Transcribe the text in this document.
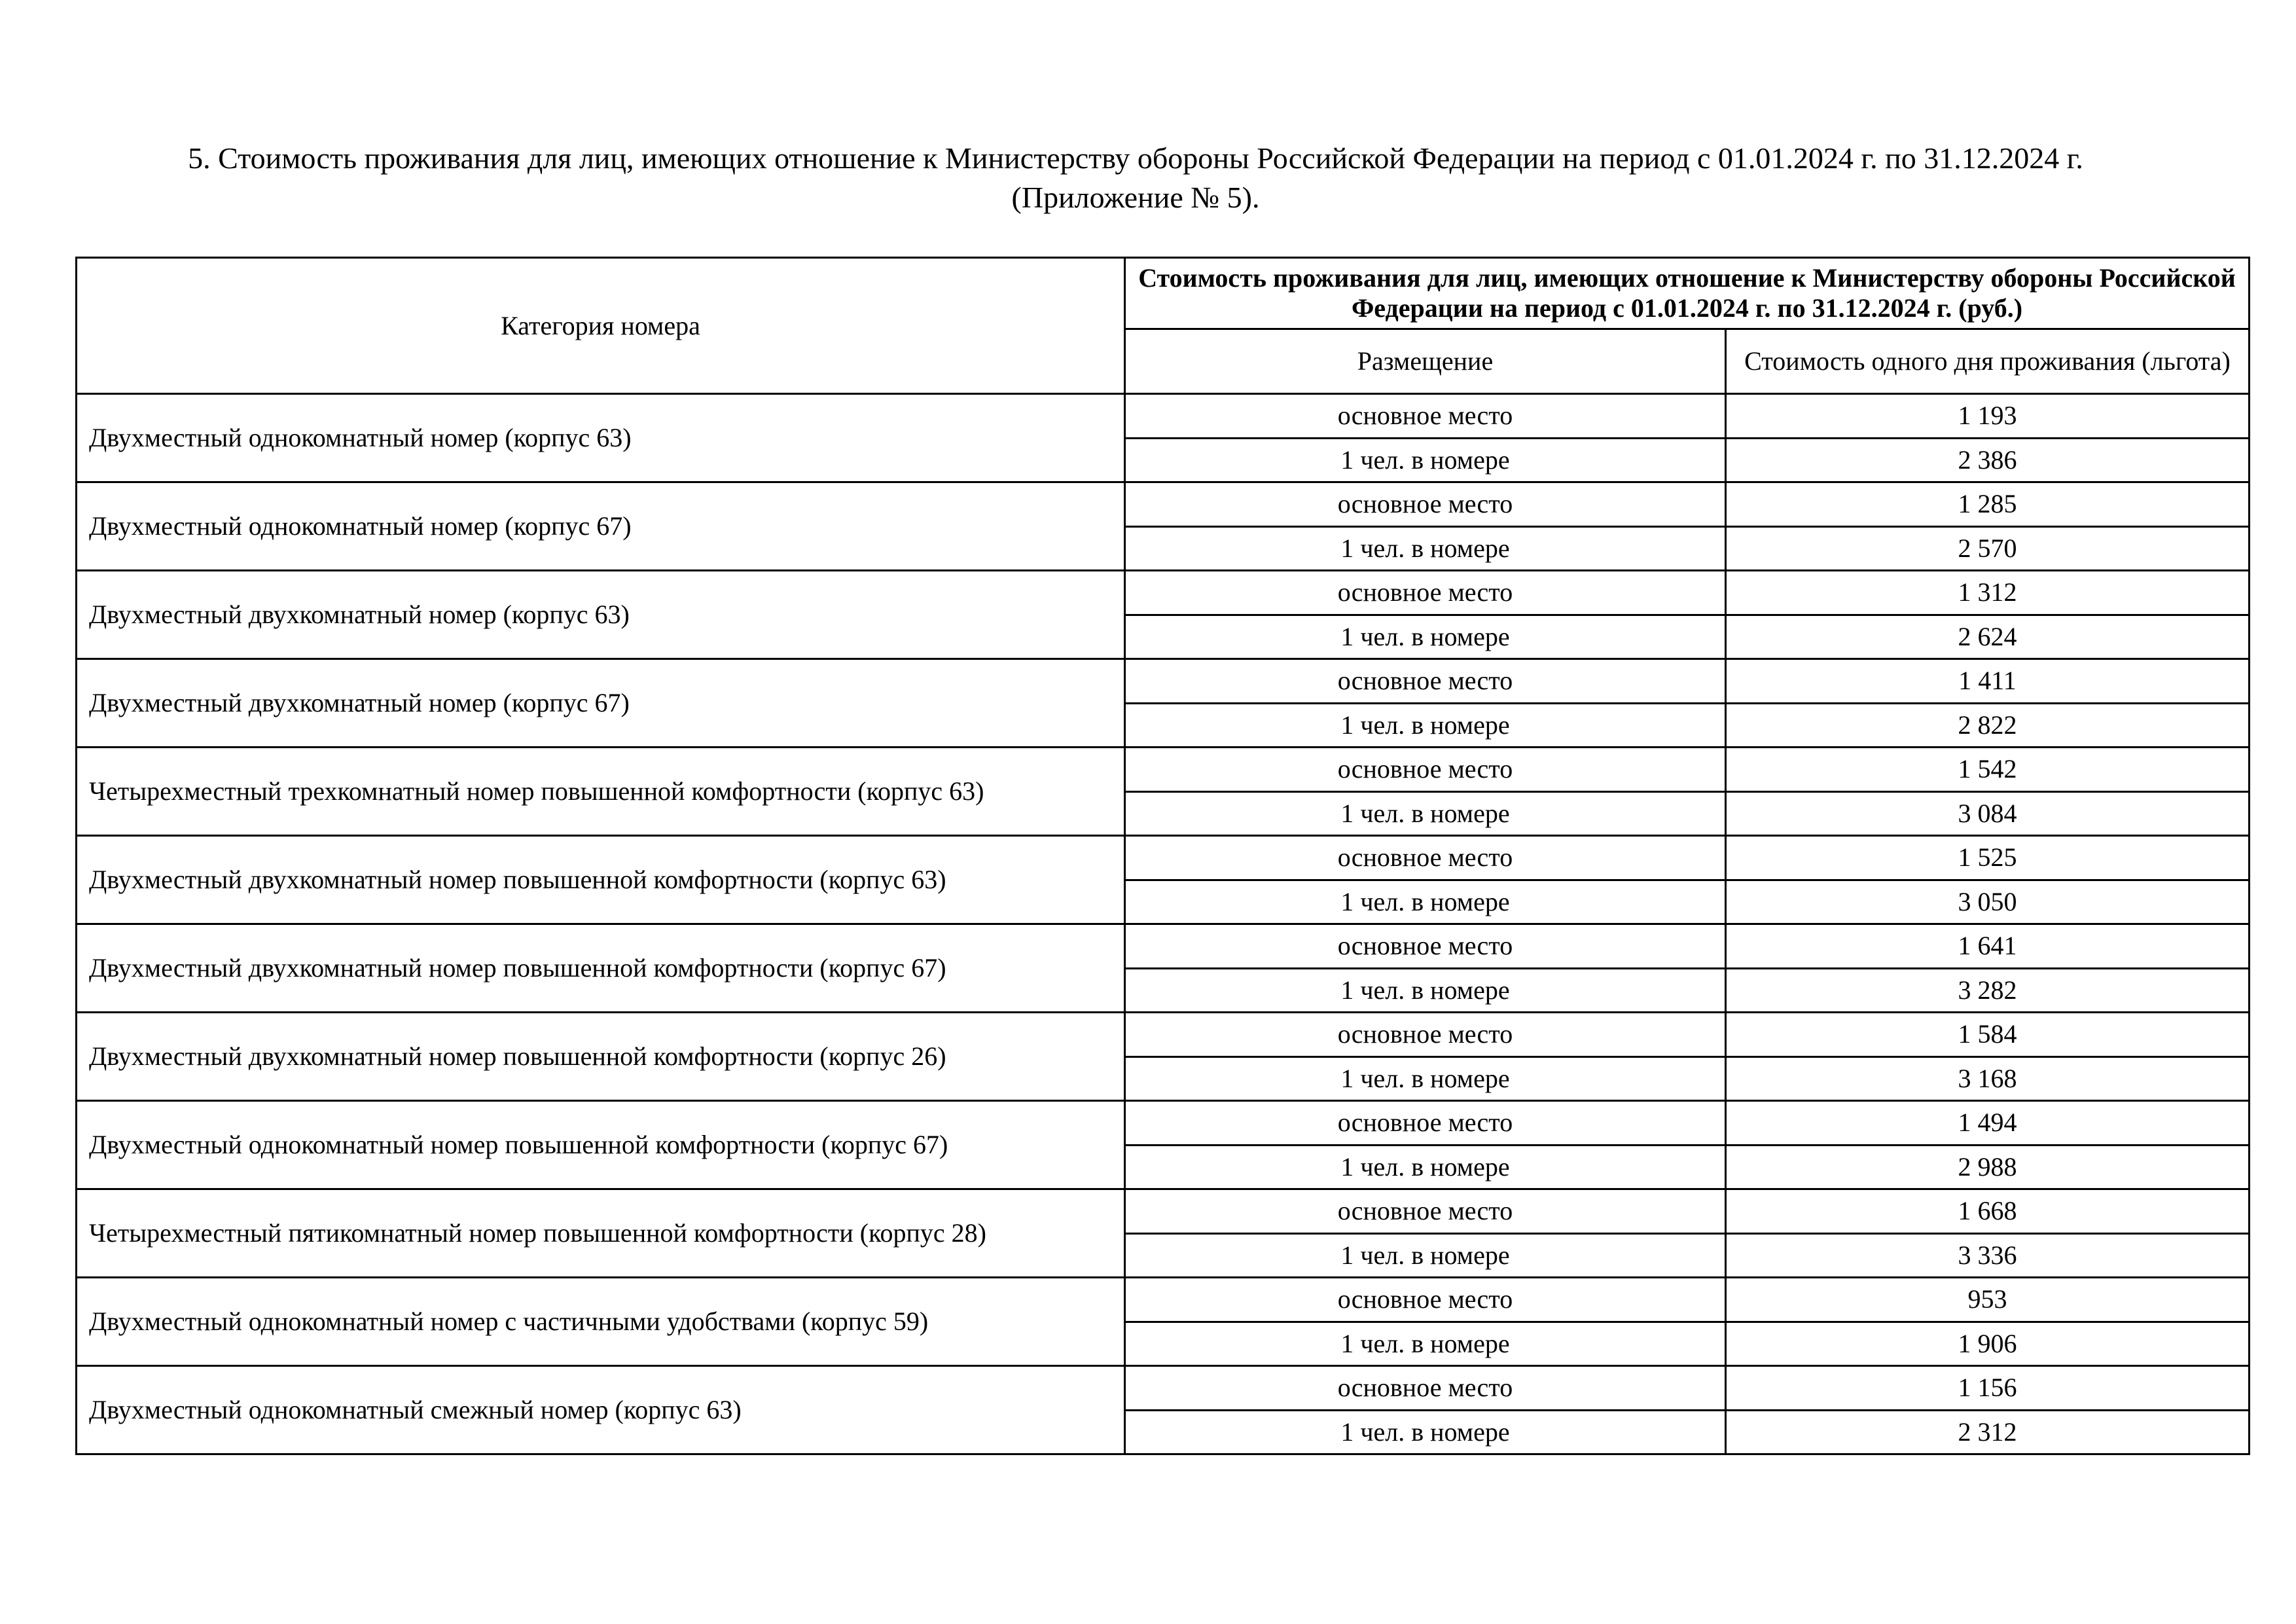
5. Стоимость проживания для лиц, имеющих отношение к Министерству обороны Российской Федерации на период с 01.01.2024 г. по 31.12.2024 г.
(Приложение № 5).
Категория номера	Стоимость проживания для лиц, имеющих отношение к Министерству обороны Российской Федерации на период с 01.01.2024 г. по 31.12.2024 г. (руб.)	
	Размещение	Стоимость одного дня проживания (льгота)
Двухместный однокомнатный номер (корпус 63)	основное место	1 193
	1 чел. в номере	2 386
Двухместный однокомнатный номер (корпус 67)	основное место	1 285
	1 чел. в номере	2 570
Двухместный двухкомнатный номер (корпус 63)	основное место	1 312
	1 чел. в номере	2 624
Двухместный двухкомнатный номер (корпус 67)	основное место	1 411
	1 чел. в номере	2 822
Четырехместный трехкомнатный номер повышенной комфортности (корпус 63)	основное место	1 542
	1 чел. в номере	3 084
Двухместный двухкомнатный номер повышенной комфортности (корпус 63)	основное место	1 525
	1 чел. в номере	3 050
Двухместный двухкомнатный номер повышенной комфортности (корпус 67)	основное место	1 641
	1 чел. в номере	3 282
Двухместный двухкомнатный номер повышенной комфортности (корпус 26)	основное место	1 584
	1 чел. в номере	3 168
Двухместный однокомнатный номер повышенной комфортности (корпус 67)	основное место	1 494
	1 чел. в номере	2 988
Четырехместный пятикомнатный номер повышенной комфортности (корпус 28)	основное место	1 668
	1 чел. в номере	3 336
Двухместный однокомнатный номер с частичными удобствами (корпус 59)	основное место	953
	1 чел. в номере	1 906
Двухместный однокомнатный смежный номер (корпус 63)	основное место	1 156
	1 чел. в номере	2 312
